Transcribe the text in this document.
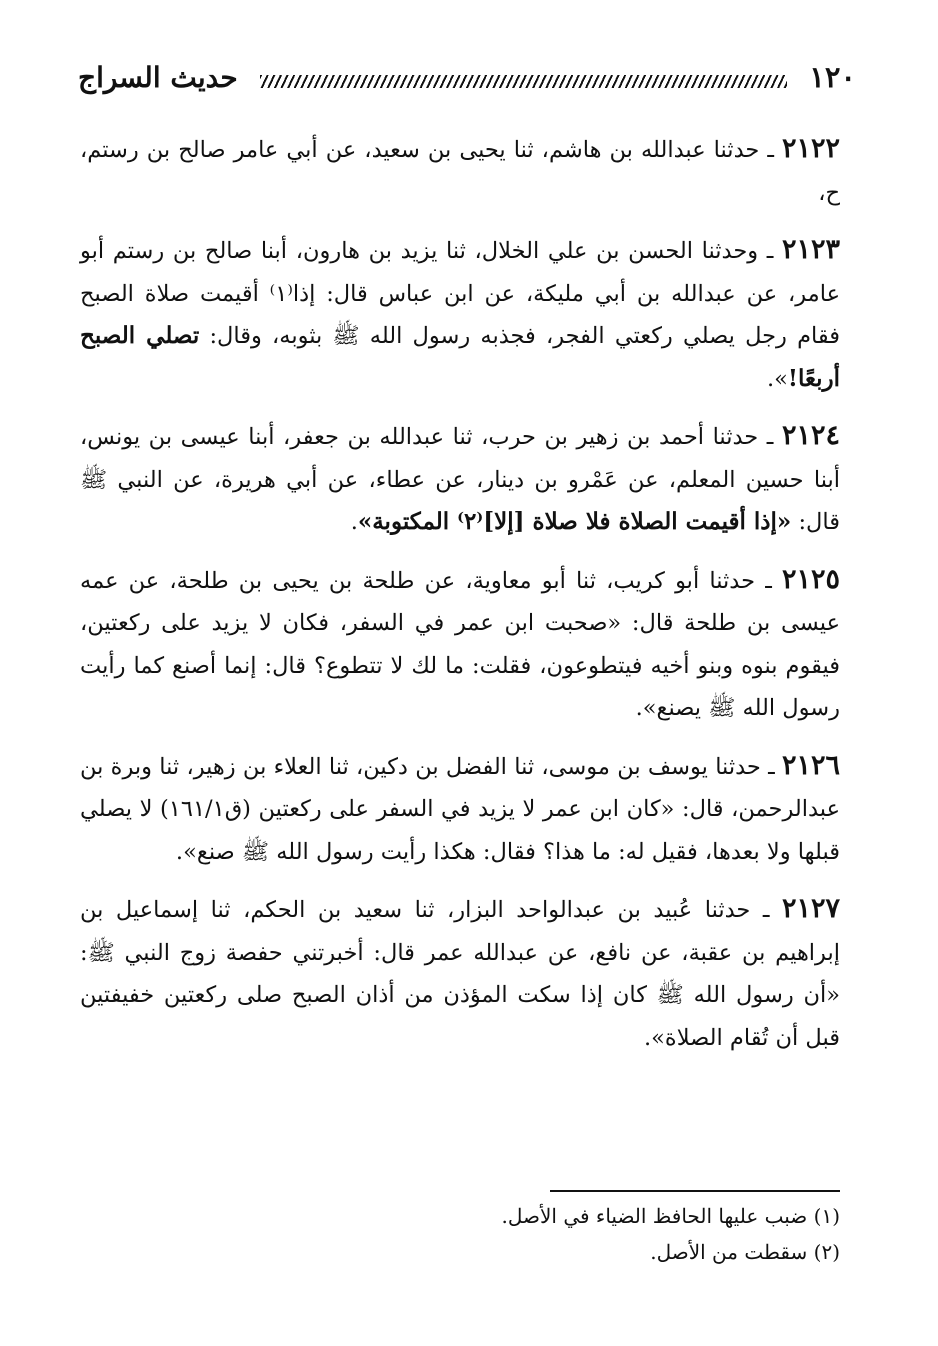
١٢٠
حديث السراج

٢١٢٢ ـ حدثنا عبدالله بن هاشم، ثنا يحيى بن سعيد، عن أبي عامر صالح بن رستم، ح،

٢١٢٣ ـ وحدثنا الحسن بن علي الخلال، ثنا يزيد بن هارون، أبنا صالح بن رستم أبو عامر، عن عبدالله بن أبي مليكة، عن ابن عباس قال: إذا⁽١⁾ أقيمت صلاة الصبح فقام رجل يصلي ركعتي الفجر، فجذبه رسول الله ﷺ بثوبه، وقال: تصلي الصبح أربعًا!».

٢١٢٤ ـ حدثنا أحمد بن زهير بن حرب، ثنا عبدالله بن جعفر، أبنا عيسى بن يونس، أبنا حسين المعلم، عن عَمْرو بن دينار، عن عطاء، عن أبي هريرة، عن النبي ﷺ قال: «إذا أقيمت الصلاة فلا صلاة [إلا]⁽٢⁾ المكتوبة».

٢١٢٥ ـ حدثنا أبو كريب، ثنا أبو معاوية، عن طلحة بن يحيى بن طلحة، عن عمه عيسى بن طلحة قال: «صحبت ابن عمر في السفر، فكان لا يزيد على ركعتين، فيقوم بنوه وبنو أخيه فيتطوعون، فقلت: ما لك لا تتطوع؟ قال: إنما أصنع كما رأيت رسول الله ﷺ يصنع».

٢١٢٦ ـ حدثنا يوسف بن موسى، ثنا الفضل بن دكين، ثنا العلاء بن زهير، ثنا وبرة بن عبدالرحمن، قال: «كان ابن عمر لا يزيد في السفر على ركعتين (ق١٦١/١) لا يصلي قبلها ولا بعدها، فقيل له: ما هذا؟ فقال: هكذا رأيت رسول الله ﷺ صنع».

٢١٢٧ ـ حدثنا عُبيد بن عبدالواحد البزار، ثنا سعيد بن الحكم، ثنا إسماعيل بن إبراهيم بن عقبة، عن نافع، عن عبدالله عمر قال: أخبرتني حفصة زوج النبي ﷺ: «أن رسول الله ﷺ كان إذا سكت المؤذن من أذان الصبح صلى ركعتين خفيفتين قبل أن تُقام الصلاة».

(١) ضبب عليها الحافظ الضياء في الأصل.
(٢) سقطت من الأصل.
